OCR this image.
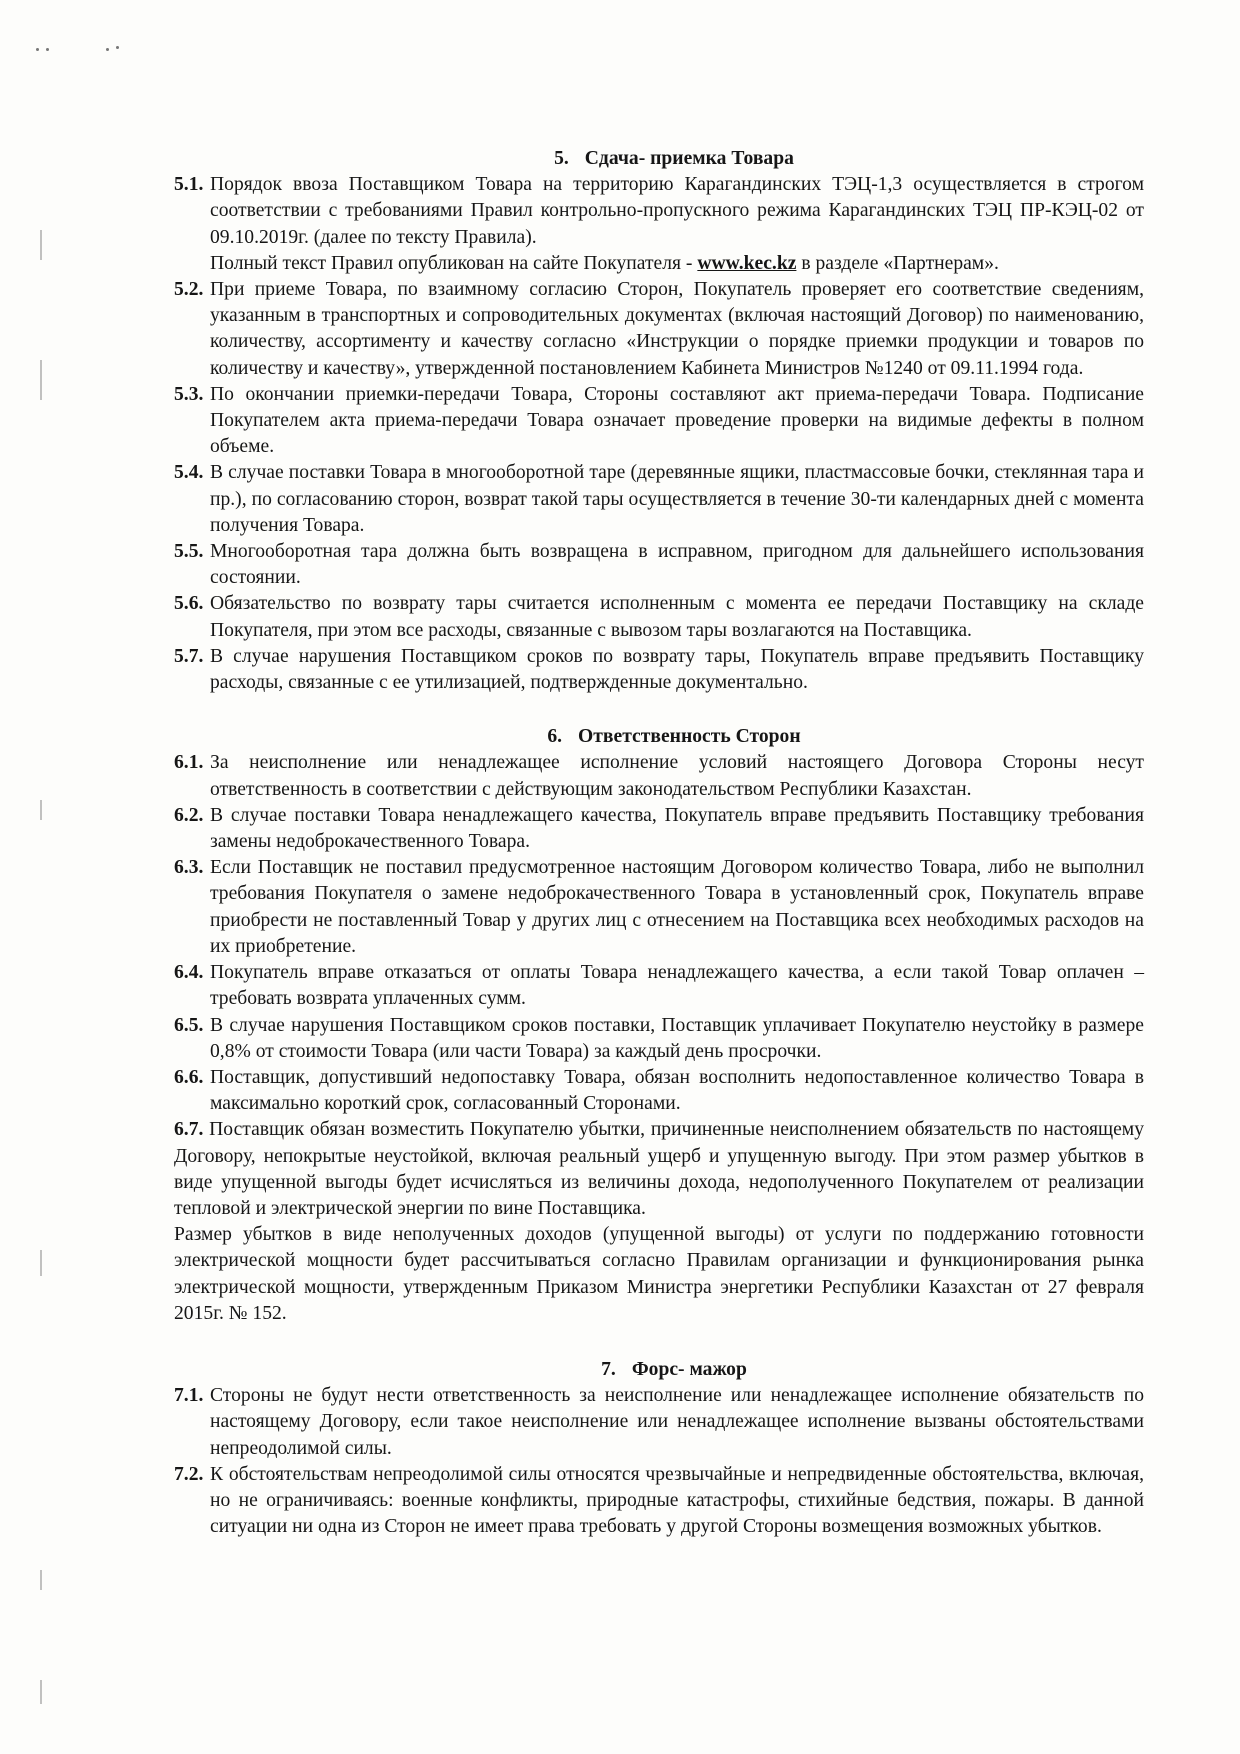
5. Сдача- приемка Товара
5.1. Порядок ввоза Поставщиком Товара на территорию Карагандинских ТЭЦ-1,3 осуществляется в строгом соответствии с требованиями Правил контрольно-пропускного режима Карагандинских ТЭЦ ПР-КЭЦ-02 от 09.10.2019г. (далее по тексту Правила).

Полный текст Правил опубликован на сайте Покупателя - www.kec.kz в разделе «Партнерам».

5.2. При приеме Товара, по взаимному согласию Сторон, Покупатель проверяет его соответствие сведениям, указанным в транспортных и сопроводительных документах (включая настоящий Договор) по наименованию, количеству, ассортименту и качеству согласно «Инструкции о порядке приемки продукции и товаров по количеству и качеству», утвержденной постановлением Кабинета Министров №1240 от 09.11.1994 года.

5.3. По окончании приемки-передачи Товара, Стороны составляют акт приема-передачи Товара. Подписание Покупателем акта приема-передачи Товара означает проведение проверки на видимые дефекты в полном объеме.

5.4. В случае поставки Товара в многооборотной таре (деревянные ящики, пластмассовые бочки, стеклянная тара и пр.), по согласованию сторон, возврат такой тары осуществляется в течение 30-ти календарных дней с момента получения Товара.

5.5. Многооборотная тара должна быть возвращена в исправном, пригодном для дальнейшего использования состоянии.

5.6. Обязательство по возврату тары считается исполненным с момента ее передачи Поставщику на складе Покупателя, при этом все расходы, связанные с вывозом тары возлагаются на Поставщика.

5.7. В случае нарушения Поставщиком сроков по возврату тары, Покупатель вправе предъявить Поставщику расходы, связанные с ее утилизацией, подтвержденные документально.

6. Ответственность Сторон
6.1. За неисполнение или ненадлежащее исполнение условий настоящего Договора Стороны несут ответственность в соответствии с действующим законодательством Республики Казахстан.

6.2. В случае поставки Товара ненадлежащего качества, Покупатель вправе предъявить Поставщику требования замены недоброкачественного Товара.

6.3. Если Поставщик не поставил предусмотренное настоящим Договором количество Товара, либо не выполнил требования Покупателя о замене недоброкачественного Товара в установленный срок, Покупатель вправе приобрести не поставленный Товар у других лиц с отнесением на Поставщика всех необходимых расходов на их приобретение.

6.4. Покупатель вправе отказаться от оплаты Товара ненадлежащего качества, а если такой Товар оплачен – требовать возврата уплаченных сумм.

6.5. В случае нарушения Поставщиком сроков поставки, Поставщик уплачивает Покупателю неустойку в размере 0,8% от стоимости Товара (или части Товара) за каждый день просрочки.

6.6. Поставщик, допустивший недопоставку Товара, обязан восполнить недопоставленное количество Товара в максимально короткий срок, согласованный Сторонами.

6.7. Поставщик обязан возместить Покупателю убытки, причиненные неисполнением обязательств по настоящему Договору, непокрытые неустойкой, включая реальный ущерб и упущенную выгоду. При этом размер убытков в виде упущенной выгоды будет исчисляться из величины дохода, недополученного Покупателем от реализации тепловой и электрической энергии по вине Поставщика.

Размер убытков в виде неполученных доходов (упущенной выгоды) от услуги по поддержанию готовности электрической мощности будет рассчитываться согласно Правилам организации и функционирования рынка электрической мощности, утвержденным Приказом Министра энергетики Республики Казахстан от 27 февраля 2015г. № 152.

7. Форс- мажор
7.1. Стороны не будут нести ответственность за неисполнение или ненадлежащее исполнение обязательств по настоящему Договору, если такое неисполнение или ненадлежащее исполнение вызваны обстоятельствами непреодолимой силы.

7.2. К обстоятельствам непреодолимой силы относятся чрезвычайные и непредвиденные обстоятельства, включая, но не ограничиваясь: военные конфликты, природные катастрофы, стихийные бедствия, пожары. В данной ситуации ни одна из Сторон не имеет права требовать у другой Стороны возмещения возможных убытков.
